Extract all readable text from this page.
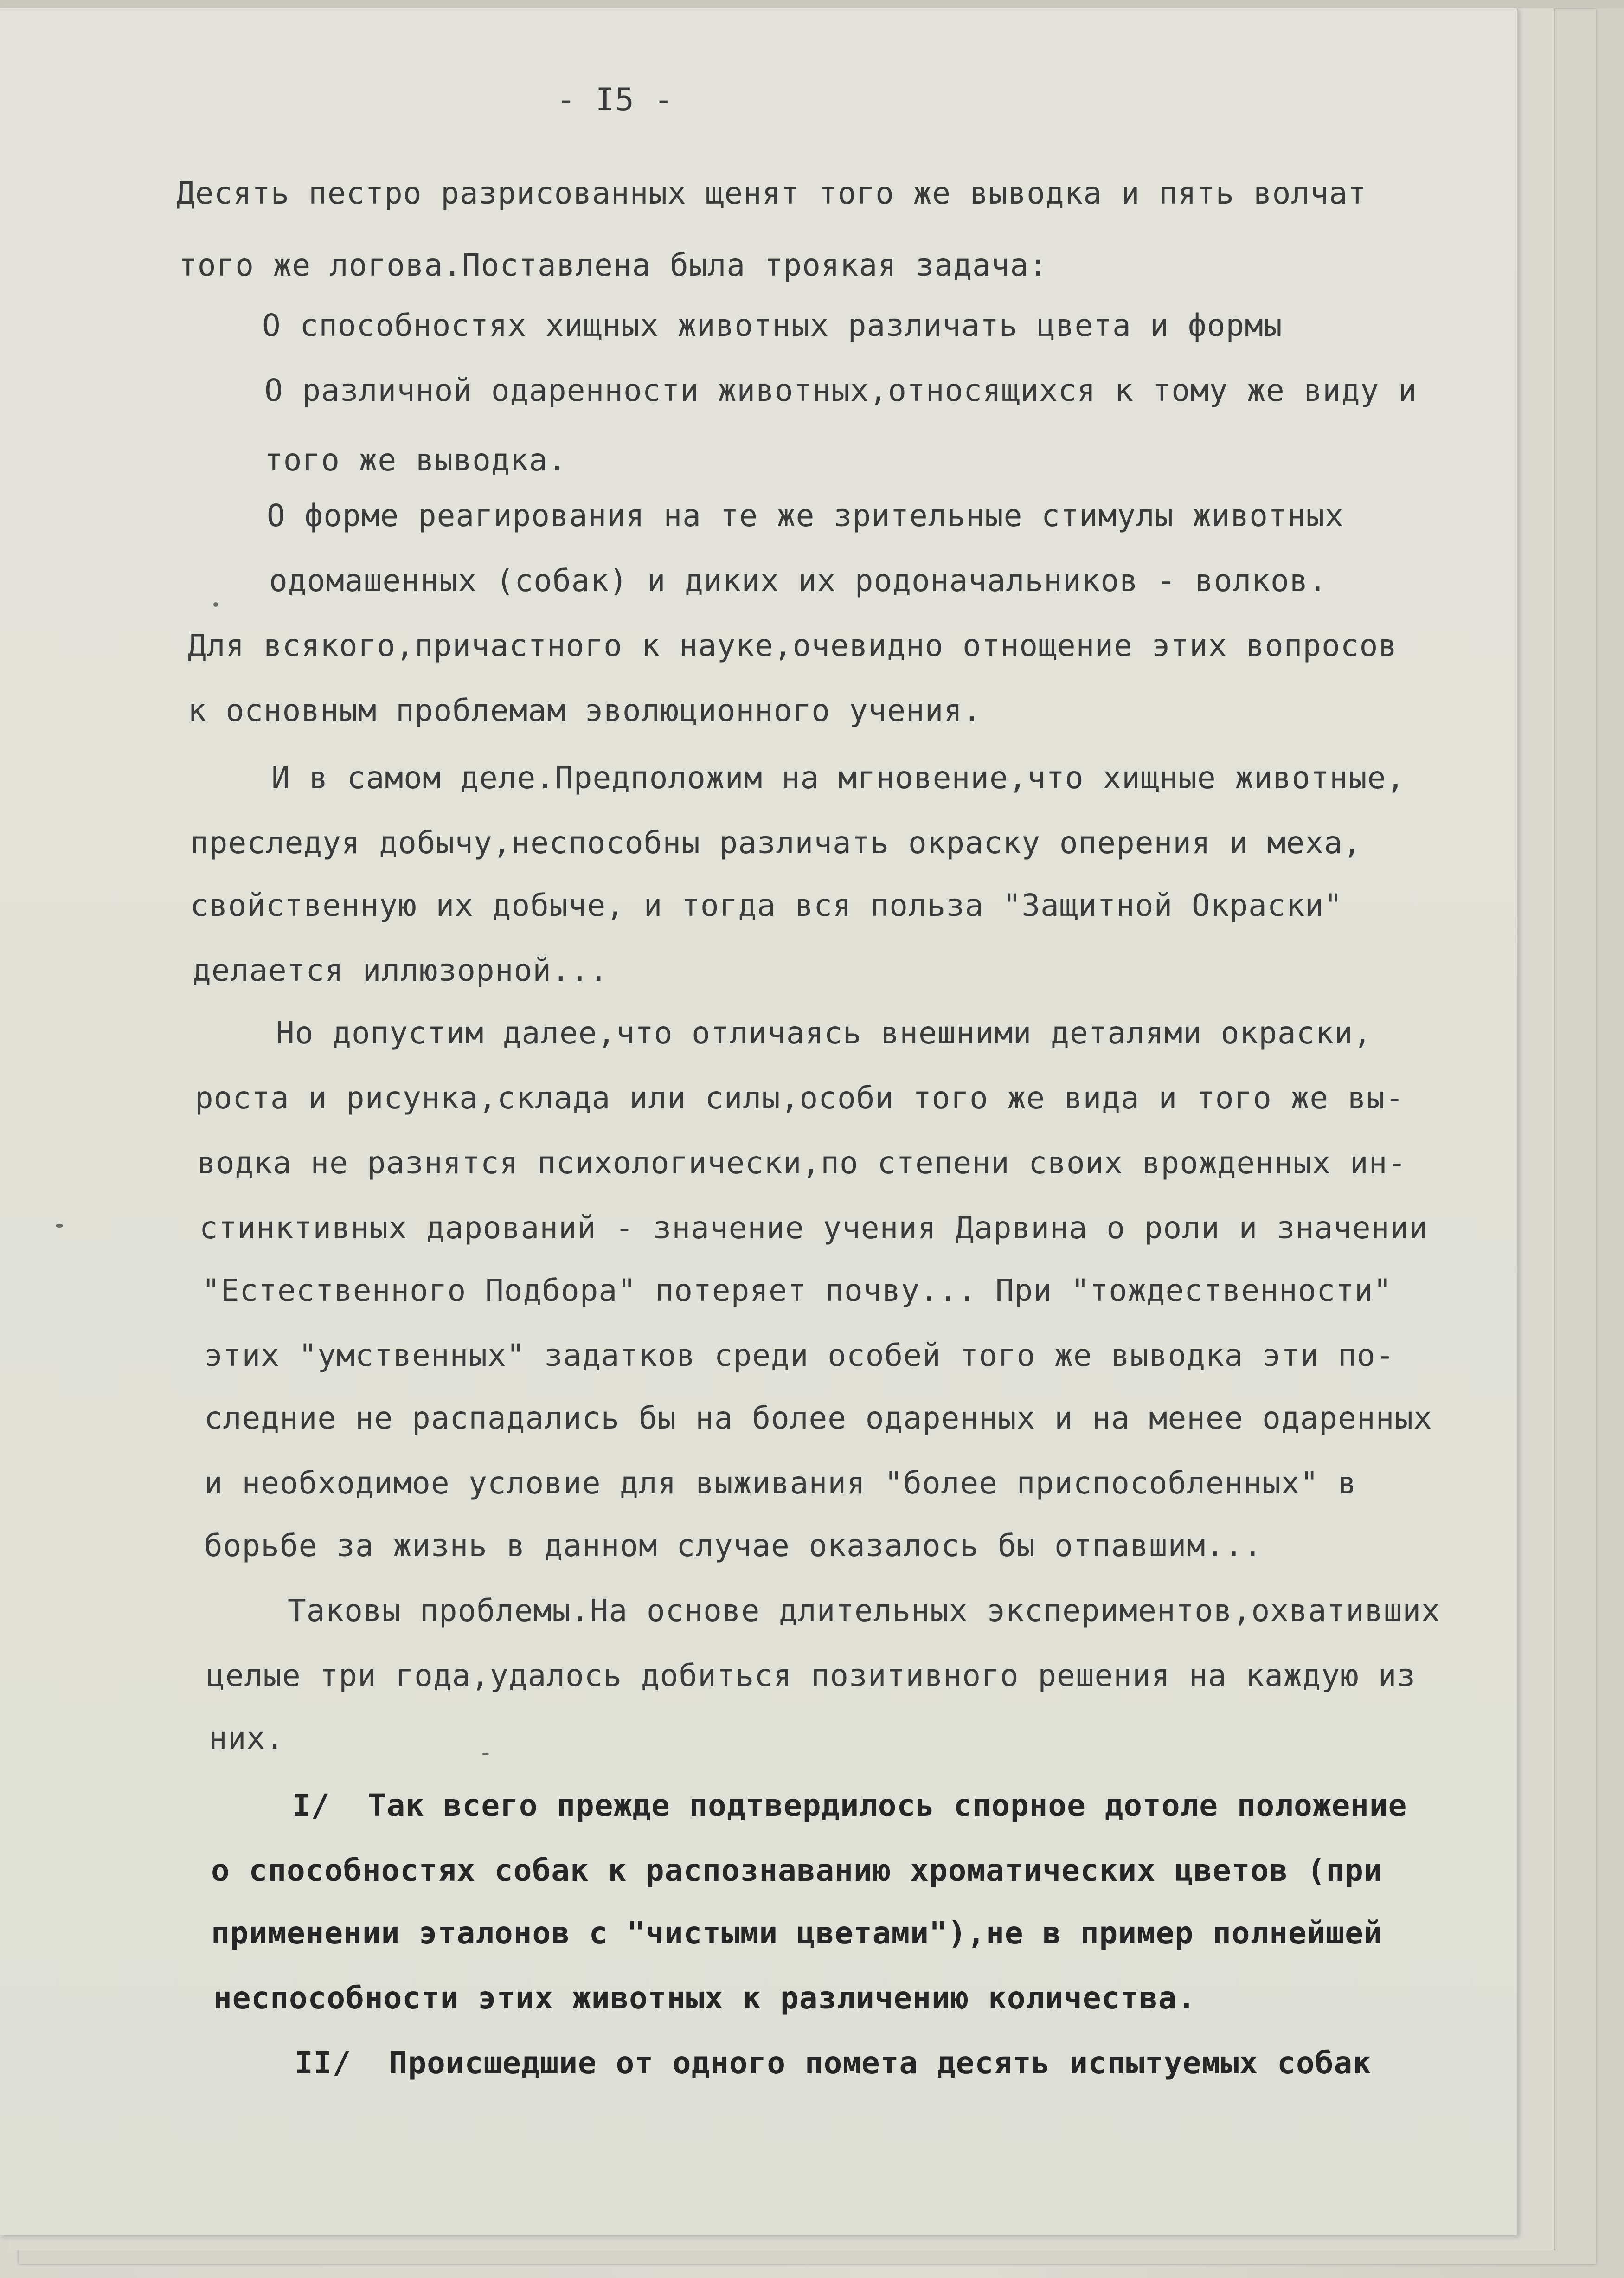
- I5 -
Десять пестро разрисованных щенят того же выводка и пять волчат
того же логова.Поставлена была троякая задача:
О способностях хищных животных различать цвета и формы
О различной одаренности животных,относящихся к тому же виду и
того же выводка.
О форме реагирования на те же зрительные стимулы животных
одомашенных (собак) и диких их родоначальников - волков.
Для всякого,причастного к науке,очевидно отнощение этих вопросов
к основным проблемам эволюционного учения.
И в самом деле.Предположим на мгновение,что хищные животные,
преследуя добычу,неспособны различать окраску оперения и меха,
свойственную их добыче, и тогда вся польза "Защитной Окраски"
делается иллюзорной...
Но допустим далее,что отличаясь внешними деталями окраски,
роста и рисунка,склада или силы,особи того же вида и того же вы-
водка не разнятся психологически,по степени своих врожденных ин-
стинктивных дарований - значение учения Дарвина о роли и значении
"Естественного Подбора" потеряет почву... При "тождественности"
этих "умственных" задатков среди особей того же выводка эти по-
следние не распадались бы на более одаренных и на менее одаренных
и необходимое условие для выживания "более приспособленных" в
борьбе за жизнь в данном случае оказалось бы отпавшим...
Таковы проблемы.На основе длительных экспериментов,охвативших
целые три года,удалось добиться позитивного решения на каждую из
них.
I/  Так всего прежде подтвердилось спорное дотоле положение
о способностях собак к распознаванию хроматических цветов (при
применении эталонов с "чистыми цветами"),не в пример полнейшей
неспособности этих животных к различению количества.
II/  Происшедшие от одного помета десять испытуемых собак
